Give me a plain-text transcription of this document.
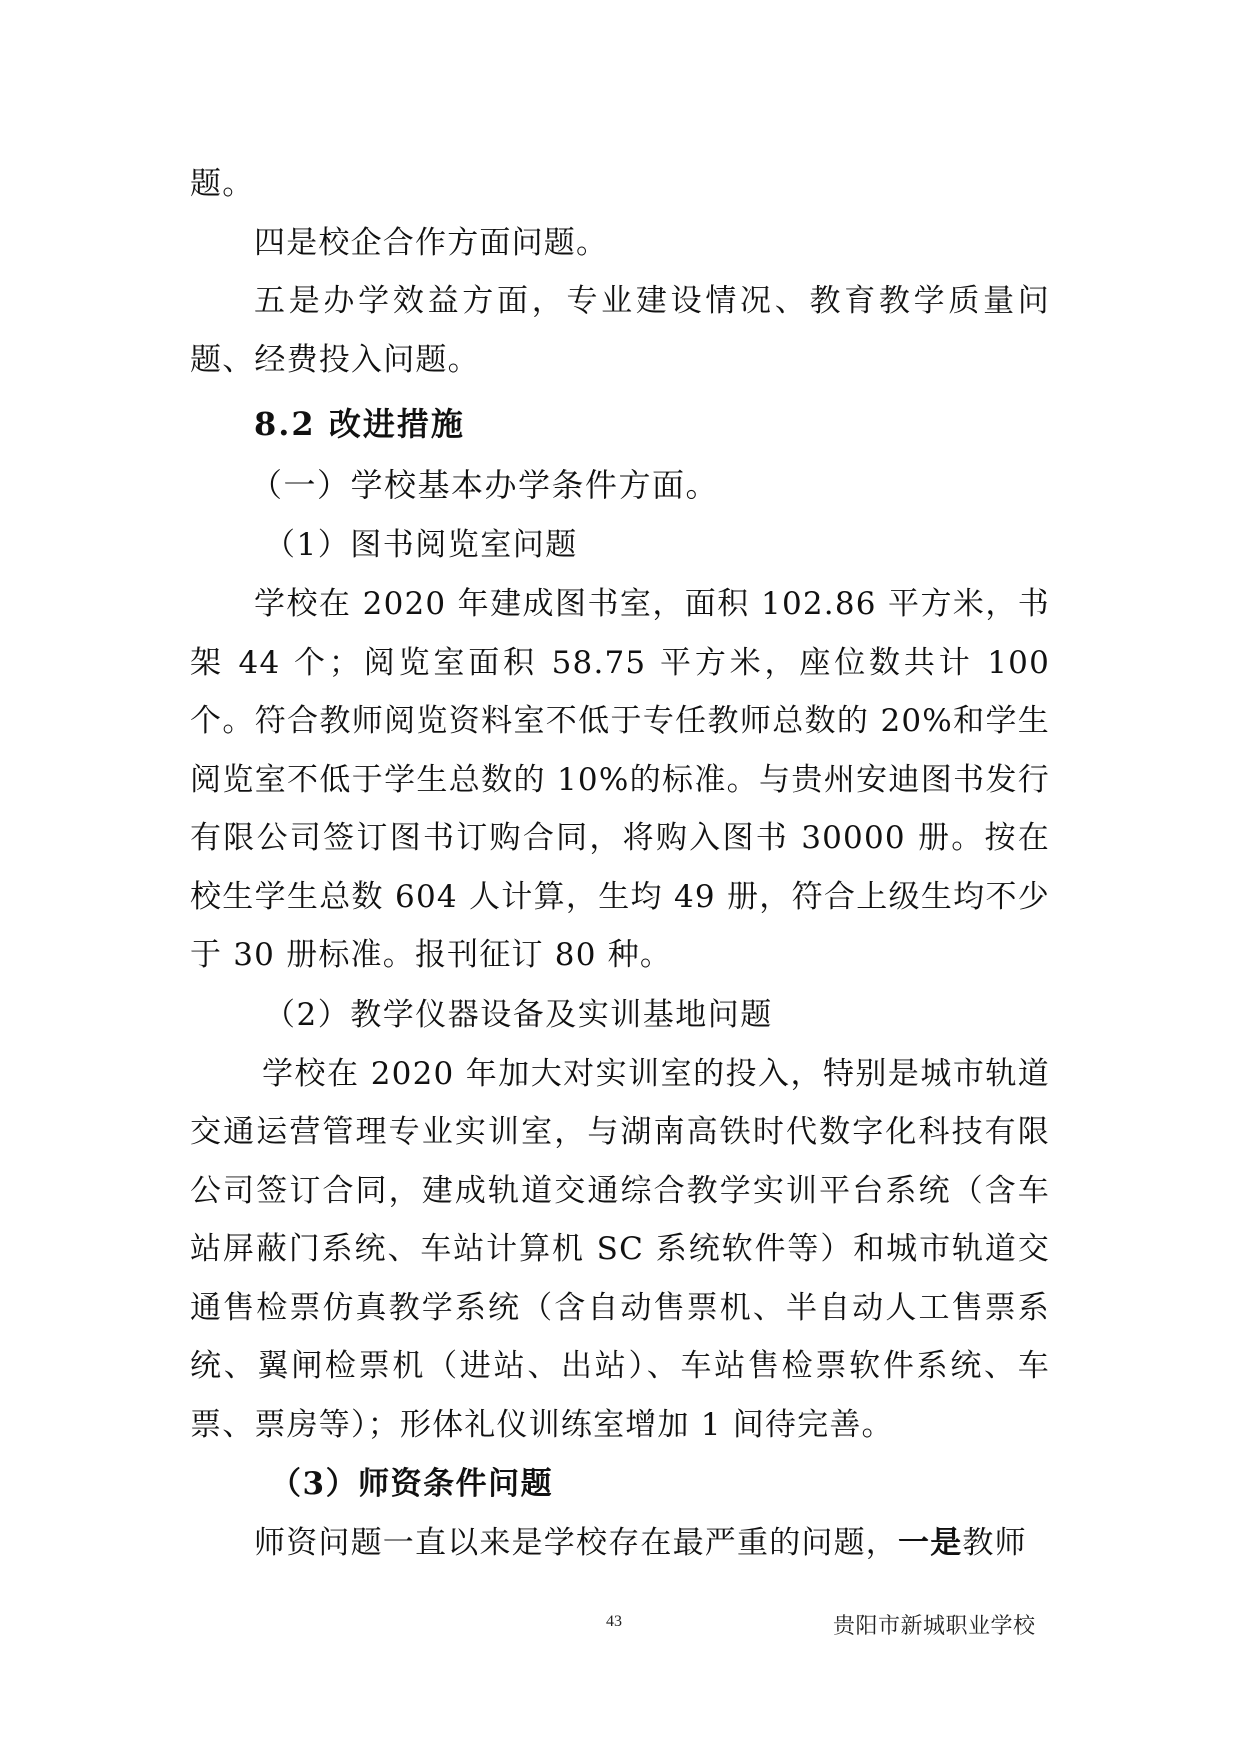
题。

四是校企合作方面问题。

五是办学效益方面，专业建设情况、教育教学质量问题、经费投入问题。

8.2 改进措施

（一）学校基本办学条件方面。

（1）图书阅览室问题

学校在 2020 年建成图书室，面积 102.86 平方米，书架 44 个；阅览室面积 58.75 平方米，座位数共计 100 个。符合教师阅览资料室不低于专任教师总数的 20%和学生阅览室不低于学生总数的 10%的标准。与贵州安迪图书发行有限公司签订图书订购合同，将购入图书 30000 册。按在校生学生总数 604 人计算，生均 49 册，符合上级生均不少于 30 册标准。报刊征订 80 种。

（2）教学仪器设备及实训基地问题

学校在 2020 年加大对实训室的投入，特别是城市轨道交通运营管理专业实训室，与湖南高铁时代数字化科技有限公司签订合同，建成轨道交通综合教学实训平台系统（含车站屏蔽门系统、车站计算机 SC 系统软件等）和城市轨道交通售检票仿真教学系统（含自动售票机、半自动人工售票系统、翼闸检票机（进站、出站）、车站售检票软件系统、车票、票房等）；形体礼仪训练室增加 1 间待完善。

（3）师资条件问题

师资问题一直以来是学校存在最严重的问题，一是教师

43	贵阳市新城职业学校
